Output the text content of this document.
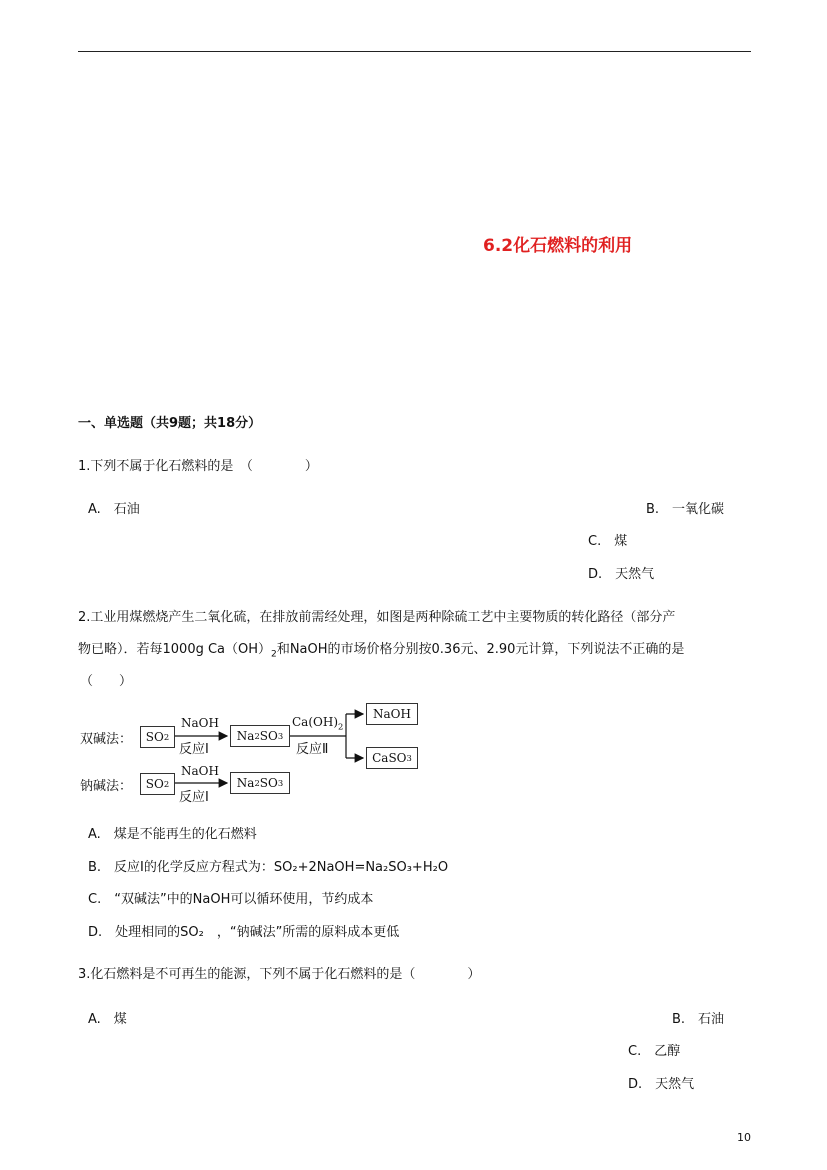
6.2化石燃料的利用
一、单选题（共9题；共18分）
1.下列不属于化石燃料的是　（　　　　）
A.　石油	B.　一氧化碳
C.　煤
D.　天然气
2.工业用煤燃烧产生二氧化硫，在排放前需经处理，如图是两种除硫工艺中主要物质的转化路径（部分产
物已略）．若每1000g $Ca(OH)_2$和NaOH的市场价格分别按0.36元、2.90元计算，下列说法不正确的是
（　　）
双碱法：
钠碱法：
SO 2	Na 2 SO 3
NaOH
CaSO 3
NaOH
反应Ⅰ
$Ca(OH)_2$
反应Ⅱ
SO 2	Na 2 SO 3
NaOH
反应Ⅰ
A.　煤是不能再生的化石燃料
B.　反应Ⅰ的化学反应方程式为：SO₂+2NaOH=Na₂SO₃+H₂O
C.　“双碱法”中的NaOH可以循环使用，节约成本
D.　处理相同的SO₂　，“钠碱法”所需的原料成本更低
3.化石燃料是不可再生的能源，下列不属于化石燃料的是（　　　　）
A.　煤	B.　石油
C.　乙醇
D.　天然气
10
